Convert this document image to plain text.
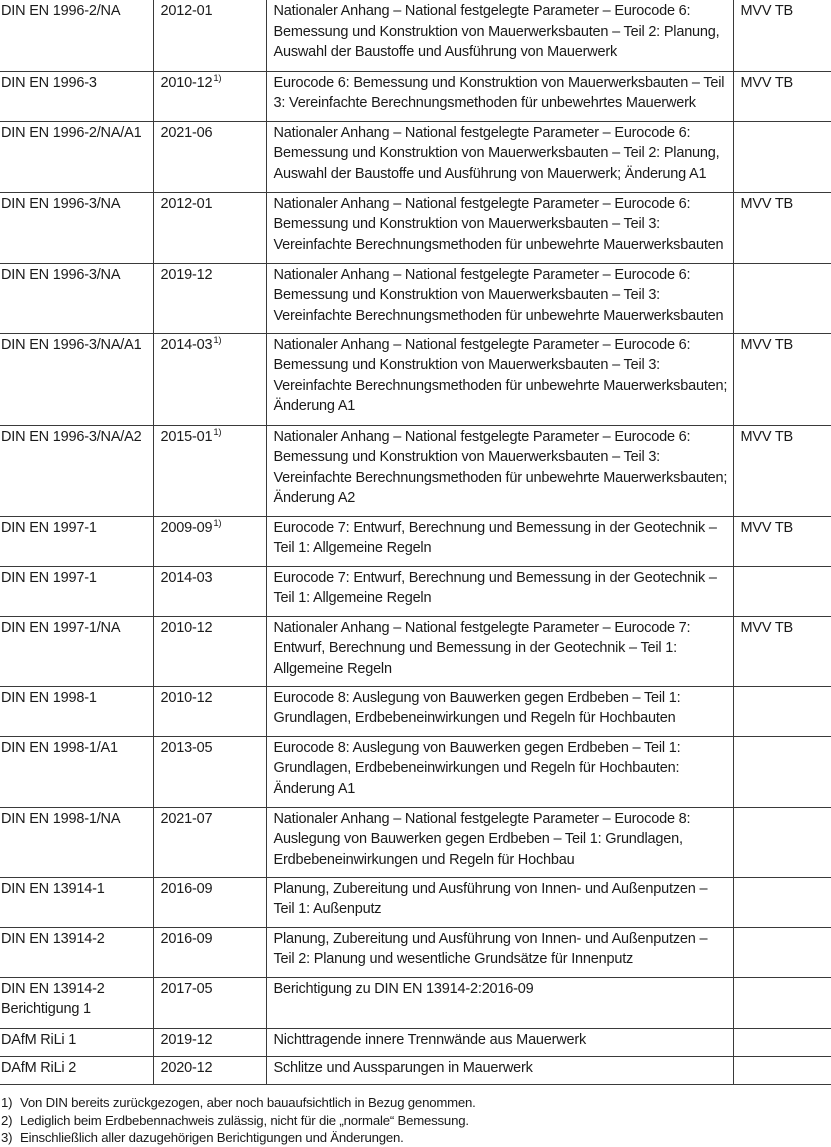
DIN EN 1996-2/NA	2012-01	Nationaler Anhang – National festgelegte Parameter – Eurocode 6: Bemessung und Konstruktion von Mauerwerksbauten – Teil 2: Planung, Auswahl der Baustoffe und Ausführung von Mauerwerk	MVV TB
DIN EN 1996-3	2010-12$^{1)}$	Eurocode 6: Bemessung und Konstruktion von Mauerwerksbauten – Teil 3: Vereinfachte Berechnungsmethoden für unbewehrtes Mauerwerk	MVV TB
DIN EN 1996-2/NA/A1	2021-06	Nationaler Anhang – National festgelegte Parameter – Eurocode 6: Bemessung und Konstruktion von Mauerwerksbauten – Teil 2: Planung, Auswahl der Baustoffe und Ausführung von Mauerwerk; Änderung A1	
DIN EN 1996-3/NA	2012-01	Nationaler Anhang – National festgelegte Parameter – Eurocode 6: Bemessung und Konstruktion von Mauerwerksbauten – Teil 3: Vereinfachte Berechnungsmethoden für unbewehrte Mauerwerksbauten	MVV TB
DIN EN 1996-3/NA	2019-12	Nationaler Anhang – National festgelegte Parameter – Eurocode 6: Bemessung und Konstruktion von Mauerwerksbauten – Teil 3: Vereinfachte Berechnungsmethoden für unbewehrte Mauerwerksbauten	
DIN EN 1996-3/NA/A1	2014-03$^{1)}$	Nationaler Anhang – National festgelegte Parameter – Eurocode 6: Bemessung und Konstruktion von Mauerwerksbauten – Teil 3: Vereinfachte Berechnungsmethoden für unbewehrte Mauerwerksbauten; Änderung A1	MVV TB
DIN EN 1996-3/NA/A2	2015-01$^{1)}$	Nationaler Anhang – National festgelegte Parameter – Eurocode 6: Bemessung und Konstruktion von Mauerwerksbauten – Teil 3: Vereinfachte Berechnungsmethoden für unbewehrte Mauerwerksbauten; Änderung A2	MVV TB
DIN EN 1997-1	2009-09$^{1)}$	Eurocode 7: Entwurf, Berechnung und Bemessung in der Geotechnik – Teil 1: Allgemeine Regeln	MVV TB
DIN EN 1997-1	2014-03	Eurocode 7: Entwurf, Berechnung und Bemessung in der Geotechnik – Teil 1: Allgemeine Regeln	
DIN EN 1997-1/NA	2010-12	Nationaler Anhang – National festgelegte Parameter – Eurocode 7: Entwurf, Berechnung und Bemessung in der Geotechnik – Teil 1: Allgemeine Regeln	MVV TB
DIN EN 1998-1	2010-12	Eurocode 8: Auslegung von Bauwerken gegen Erdbeben – Teil 1: Grundlagen, Erdbebeneinwirkungen und Regeln für Hochbauten	
DIN EN 1998-1/A1	2013-05	Eurocode 8: Auslegung von Bauwerken gegen Erdbeben – Teil 1: Grundlagen, Erdbebeneinwirkungen und Regeln für Hochbauten: Änderung A1	
DIN EN 1998-1/NA	2021-07	Nationaler Anhang – National festgelegte Parameter – Eurocode 8: Auslegung von Bauwerken gegen Erdbeben – Teil 1: Grundlagen, Erdbebeneinwirkungen und Regeln für Hochbau	
DIN EN 13914-1	2016-09	Planung, Zubereitung und Ausführung von Innen- und Außenputzen – Teil 1: Außenputz	
DIN EN 13914-2	2016-09	Planung, Zubereitung und Ausführung von Innen- und Außenputzen – Teil 2: Planung und wesentliche Grundsätze für Innenputz	
DIN EN 13914-2 Berichtigung 1	2017-05	Berichtigung zu DIN EN 13914-2:2016-09	
DAfM RiLi 1	2019-12	Nichttragende innere Trennwände aus Mauerwerk	
DAfM RiLi 2	2020-12	Schlitze und Aussparungen in Mauerwerk	
1) Von DIN bereits zurückgezogen, aber noch bauaufsichtlich in Bezug genommen.
2) Lediglich beim Erdbebennachweis zulässig, nicht für die „normale“ Bemessung.
3) Einschließlich aller dazugehörigen Berichtigungen und Änderungen.
